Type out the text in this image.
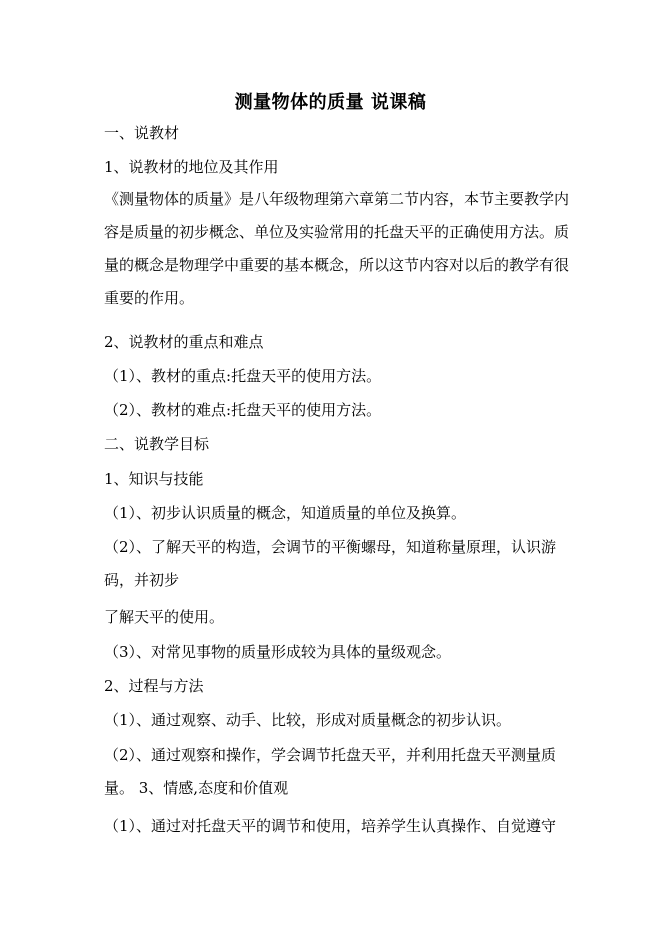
测量物体的质量 说课稿
一、说教材
1、说教材的地位及其作用
《测量物体的质量》是八年级物理第六章第二节内容，本节主要教学内容是质量的初步概念、单位及实验常用的托盘天平的正确使用方法。质量的概念是物理学中重要的基本概念，所以这节内容对以后的教学有很重要的作用。
2、说教材的重点和难点
（1）、教材的重点:托盘天平的使用方法。
（2）、教材的难点:托盘天平的使用方法。
二、说教学目标
1、知识与技能
（1）、初步认识质量的概念，知道质量的单位及换算。
（2）、了解天平的构造，会调节的平衡螺母，知道称量原理，认识游码，并初步
了解天平的使用。
（3）、对常见事物的质量形成较为具体的量级观念。
2、过程与方法
（1）、通过观察、动手、比较，形成对质量概念的初步认识。
（2）、通过观察和操作，学会调节托盘天平，并利用托盘天平测量质量。 3、情感,态度和价值观
（1）、通过对托盘天平的调节和使用，培养学生认真操作、自觉遵守
